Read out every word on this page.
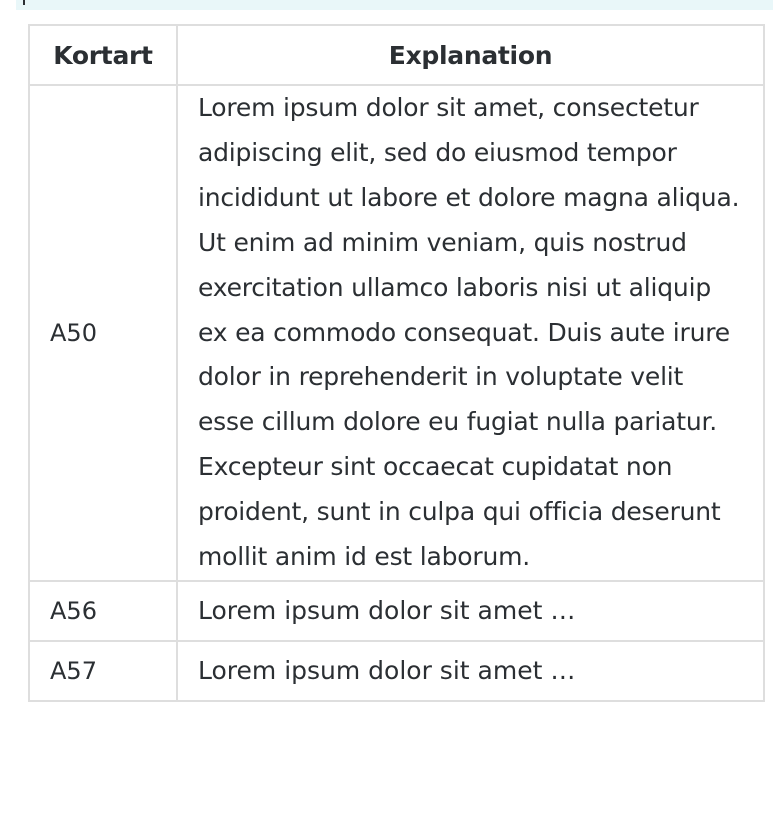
Kortart	Explanation
A50	Lorem ipsum dolor sit amet, consectetur adipiscing elit, sed do eiusmod tempor incididunt ut labore et dolore magna aliqua. Ut enim ad minim veniam, quis nostrud exercitation ullamco laboris nisi ut aliquip ex ea commodo consequat. Duis aute irure dolor in reprehenderit in voluptate velit esse cillum dolore eu fugiat nulla pariatur. Excepteur sint occaecat cupidatat non proident, sunt in culpa qui officia deserunt mollit anim id est laborum.
A56	Lorem ipsum dolor sit amet …
A57	Lorem ipsum dolor sit amet …
